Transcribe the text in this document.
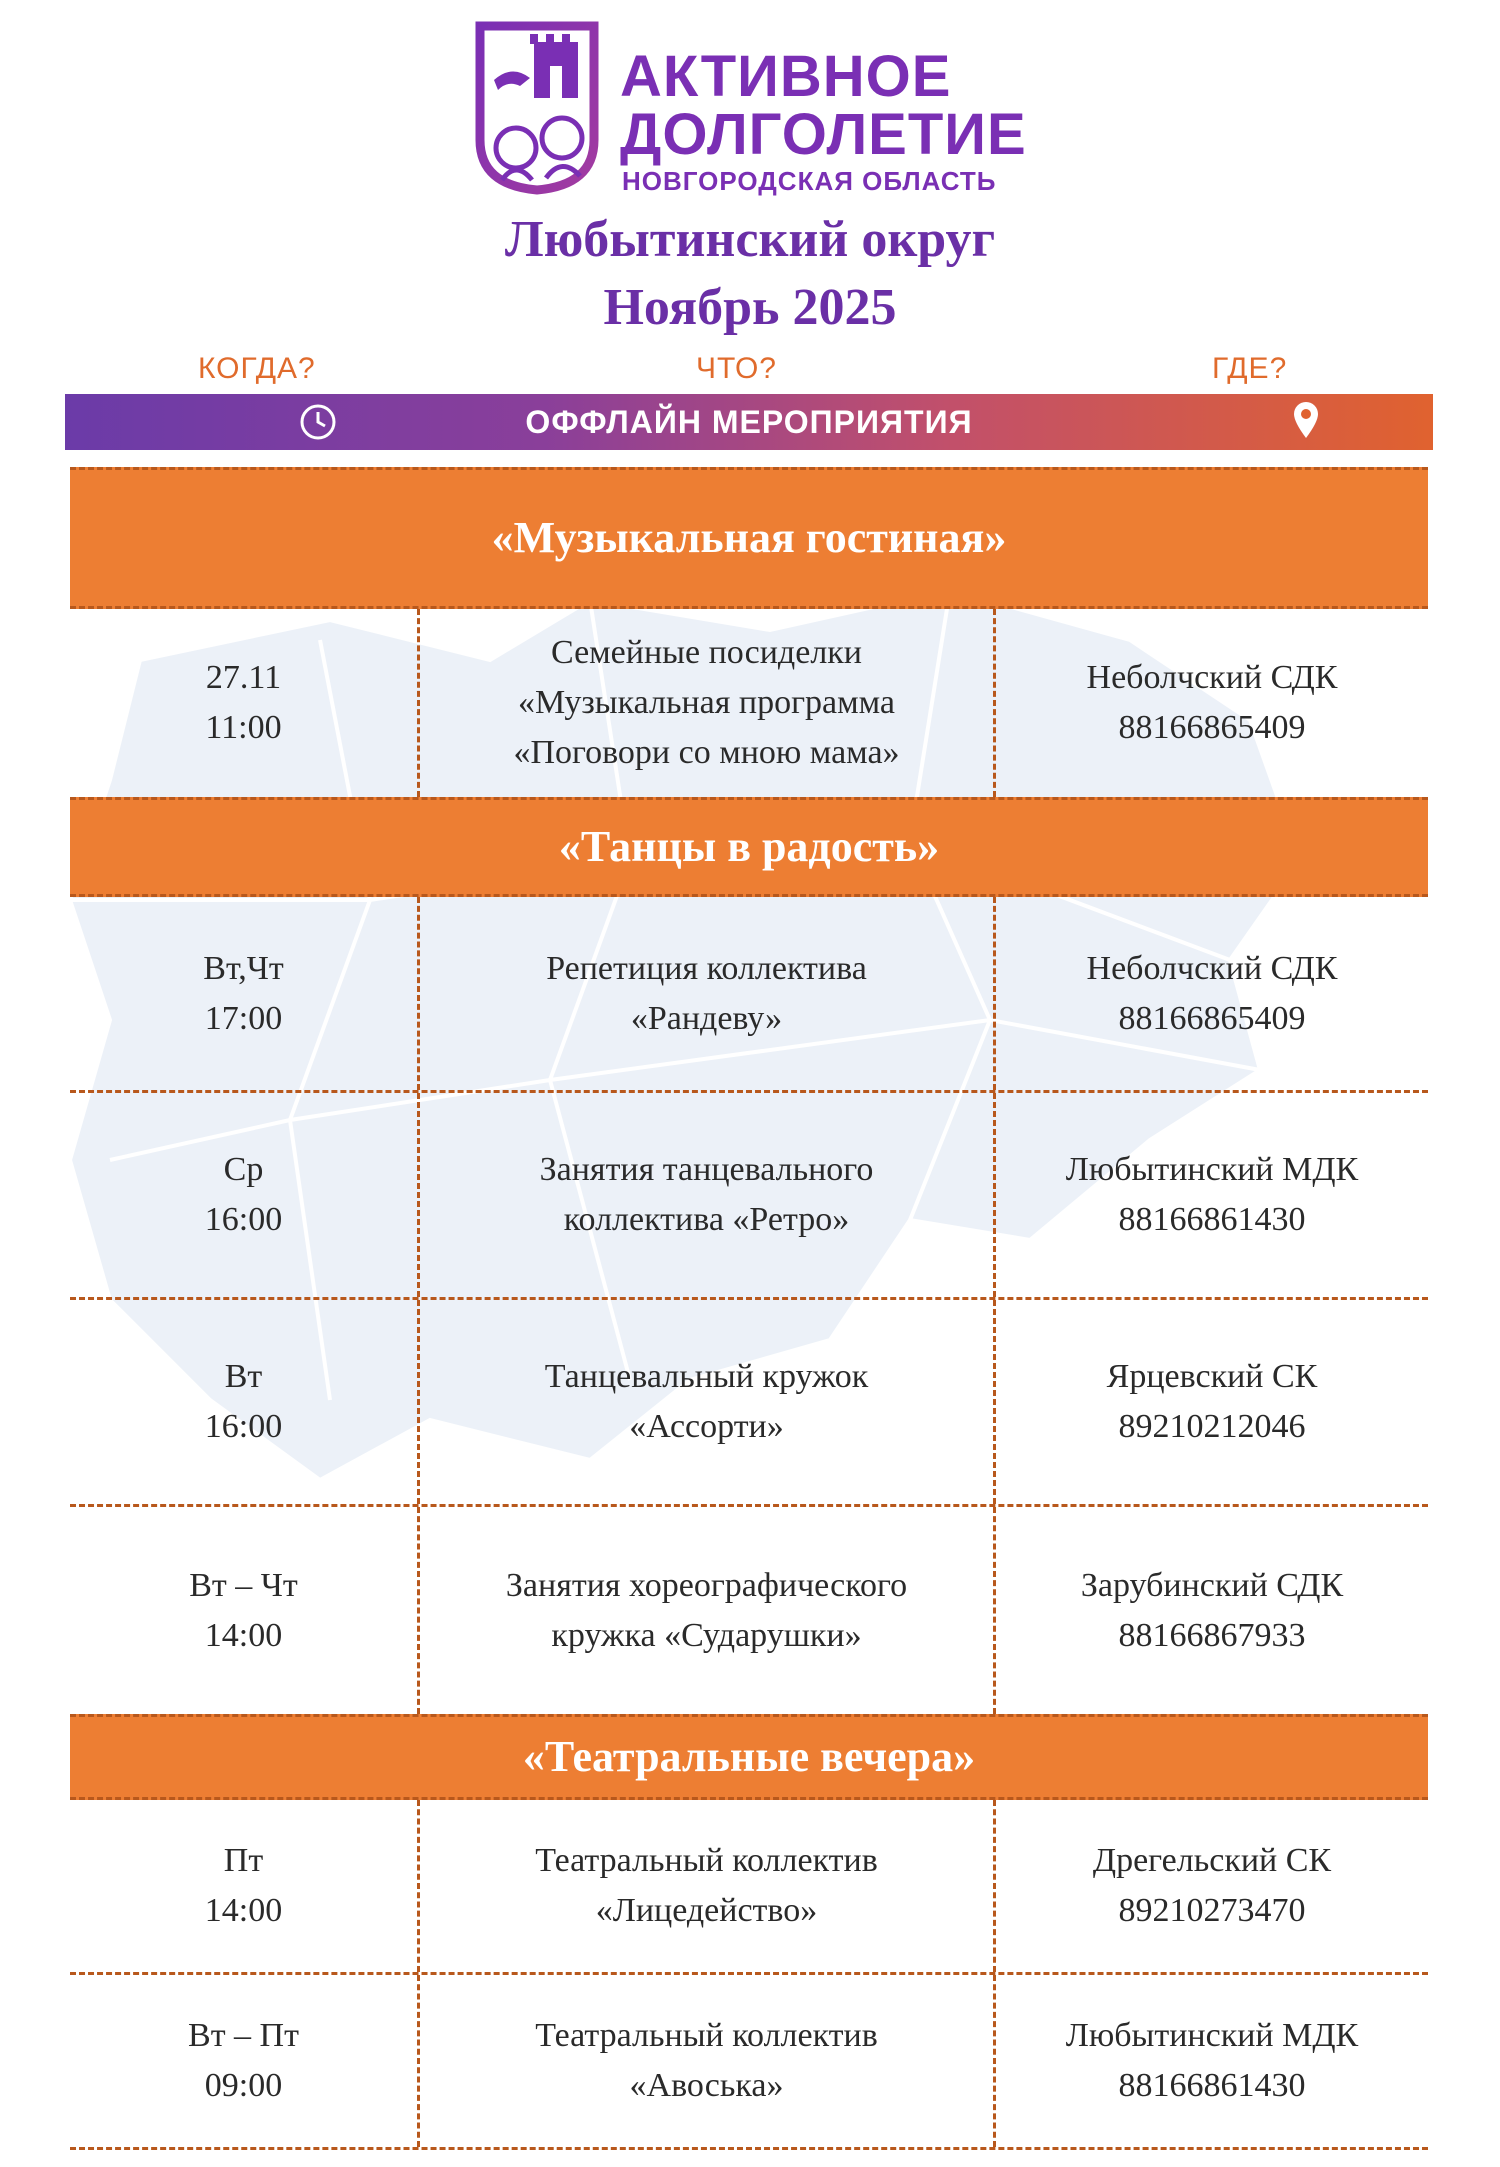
АКТИВНОЕ
ДОЛГОЛЕТИЕ
НОВГОРОДСКАЯ ОБЛАСТЬ
Любытинский округ
Ноябрь 2025
КОГДА?	ЧТО?	ГДЕ?
ОФФЛАЙН МЕРОПРИЯТИЯ
«Музыкальная гостиная»
27.11
11:00
Семейные посиделки
«Музыкальная программа
«Поговори со мною мама»
Неболчский СДК
88166865409
«Танцы в радость»
Вт,Чт
17:00
Репетиция коллектива
«Рандеву»
Неболчский СДК
88166865409
Ср
16:00
Занятия танцевального
коллектива «Ретро»
Любытинский МДК
88166861430
Вт
16:00
Танцевальный кружок
«Ассорти»
Ярцевский СК
89210212046
Вт – Чт
14:00
Занятия хореографического
кружка «Сударушки»
Зарубинский СДК
88166867933
«Театральные вечера»
Пт
14:00
Театральный коллектив
«Лицедейство»
Дрегельский СК
89210273470
Вт – Пт
09:00
Театральный коллектив
«Авоська»
Любытинский МДК
88166861430
